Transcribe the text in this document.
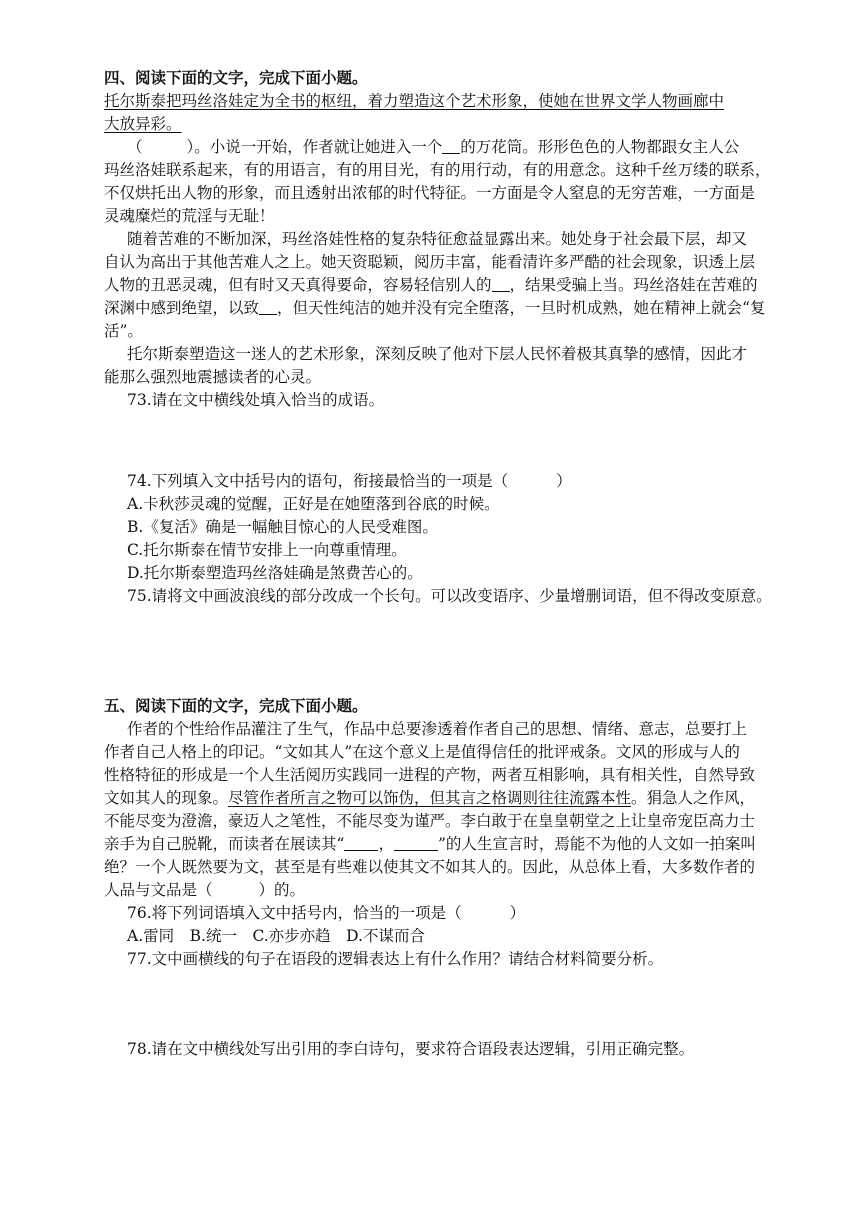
四、阅读下面的文字，完成下面小题。
托尔斯泰把玛丝洛娃定为全书的枢纽，着力塑造这个艺术形象，使她在世界文学人物画廊中
大放异彩。
（	）。小说一开始，作者就让她进入一个 的万花筒。形形色色的人物都跟女主人公
玛丝洛娃联系起来，有的用语言，有的用目光，有的用行动，有的用意念。这种千丝万缕的联系，
不仅烘托出人物的形象，而且透射出浓郁的时代特征。一方面是令人窒息的无穷苦难，一方面是
灵魂糜烂的荒淫与无耻！
随着苦难的不断加深，玛丝洛娃性格的复杂特征愈益显露出来。她处身于社会最下层，却又
自认为高出于其他苦难人之上。她天资聪颖，阅历丰富，能看清许多严酷的社会现象，识透上层
人物的丑恶灵魂，但有时又天真得要命，容易轻信别人的 ，结果受骗上当。玛丝洛娃在苦难的
深渊中感到绝望，以致 ，但天性纯洁的她并没有完全堕落，一旦时机成熟，她在精神上就会“复
活”。
托尔斯泰塑造这一迷人的艺术形象，深刻反映了他对下层人民怀着极其真挚的感情，因此才
能那么强烈地震撼读者的心灵。
73.请在文中横线处填入恰当的成语。
74.下列填入文中括号内的语句，衔接最恰当的一项是（	）
A.卡秋莎灵魂的觉醒，正好是在她堕落到谷底的时候。
B.《复活》确是一幅触目惊心的人民受难图。
C.托尔斯泰在情节安排上一向尊重情理。
D.托尔斯泰塑造玛丝洛娃确是煞费苦心的。
75.请将文中画波浪线的部分改成一个长句。可以改变语序、少量增删词语，但不得改变原意。
五、阅读下面的文字，完成下面小题。
作者的个性给作品灌注了生气，作品中总要渗透着作者自己的思想、情绪、意志，总要打上
作者自己人格上的印记。“文如其人”在这个意义上是值得信任的批评戒条。文风的形成与人的
性格特征的形成是一个人生活阅历实践同一进程的产物，两者互相影响，具有相关性，自然导致
文如其人的现象。尽管作者所言之物可以饰伪，但其言之格调则往往流露本性。狷急人之作风，
不能尽变为澄澹，豪迈人之笔性，不能尽变为谨严。李白敢于在皇皇朝堂之上让皇帝宠臣高力士
亲手为自己脱靴，而读者在展读其“ ，	”的人生宣言时，焉能不为他的人文如一拍案叫
绝？一个人既然要为文，甚至是有些难以使其文不如其人的。因此，从总体上看，大多数作者的
人品与文品是（	）的。
76.将下列词语填入文中括号内，恰当的一项是（	）
A.雷同　B.统一　C.亦步亦趋　D.不谋而合
77.文中画横线的句子在语段的逻辑表达上有什么作用？请结合材料简要分析。
78.请在文中横线处写出引用的李白诗句，要求符合语段表达逻辑，引用正确完整。
